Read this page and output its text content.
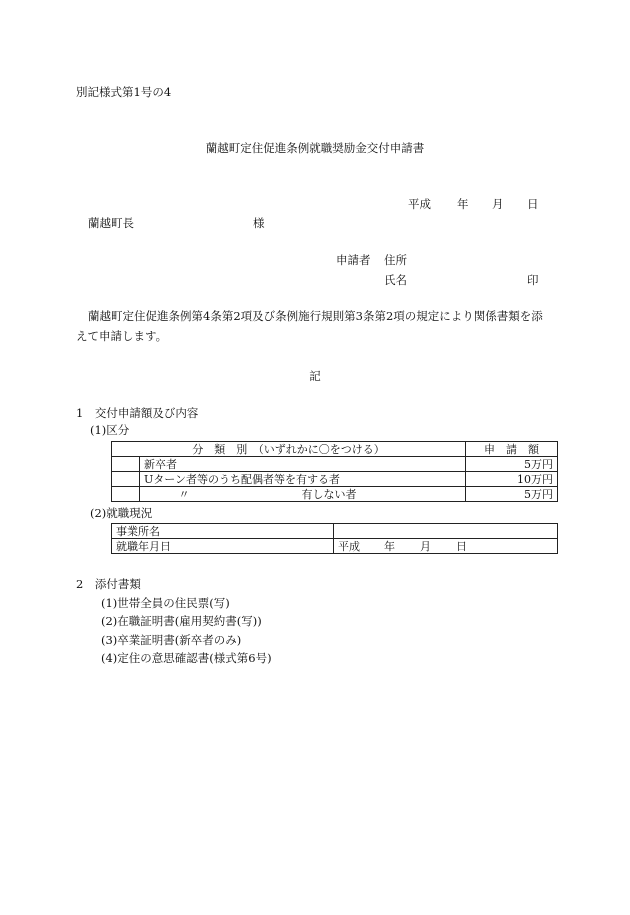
別記様式第1号の4
蘭越町定住促進条例就職奨励金交付申請書
平成 年 月 日
蘭越町長	様
申請者 住所
氏名	印
蘭越町定住促進条例第4条第2項及び条例施行規則第3条第2項の規定により関係書類を添
えて申請します。
記
1　交付申請額及び内容
(1)区分
分　類　別　（いずれかに〇をつける）		申　請　額
	新卒者	5万円
	Uターン者等のうち配偶者等を有する者	10万円
	〃 有しない者	5万円
(2)就職現況
事業所名	
就職年月日	平成 年 月 日
2　添付書類
(1)世帯全員の住民票(写)
(2)在職証明書(雇用契約書(写))
(3)卒業証明書(新卒者のみ)
(4)定住の意思確認書(様式第6号)
